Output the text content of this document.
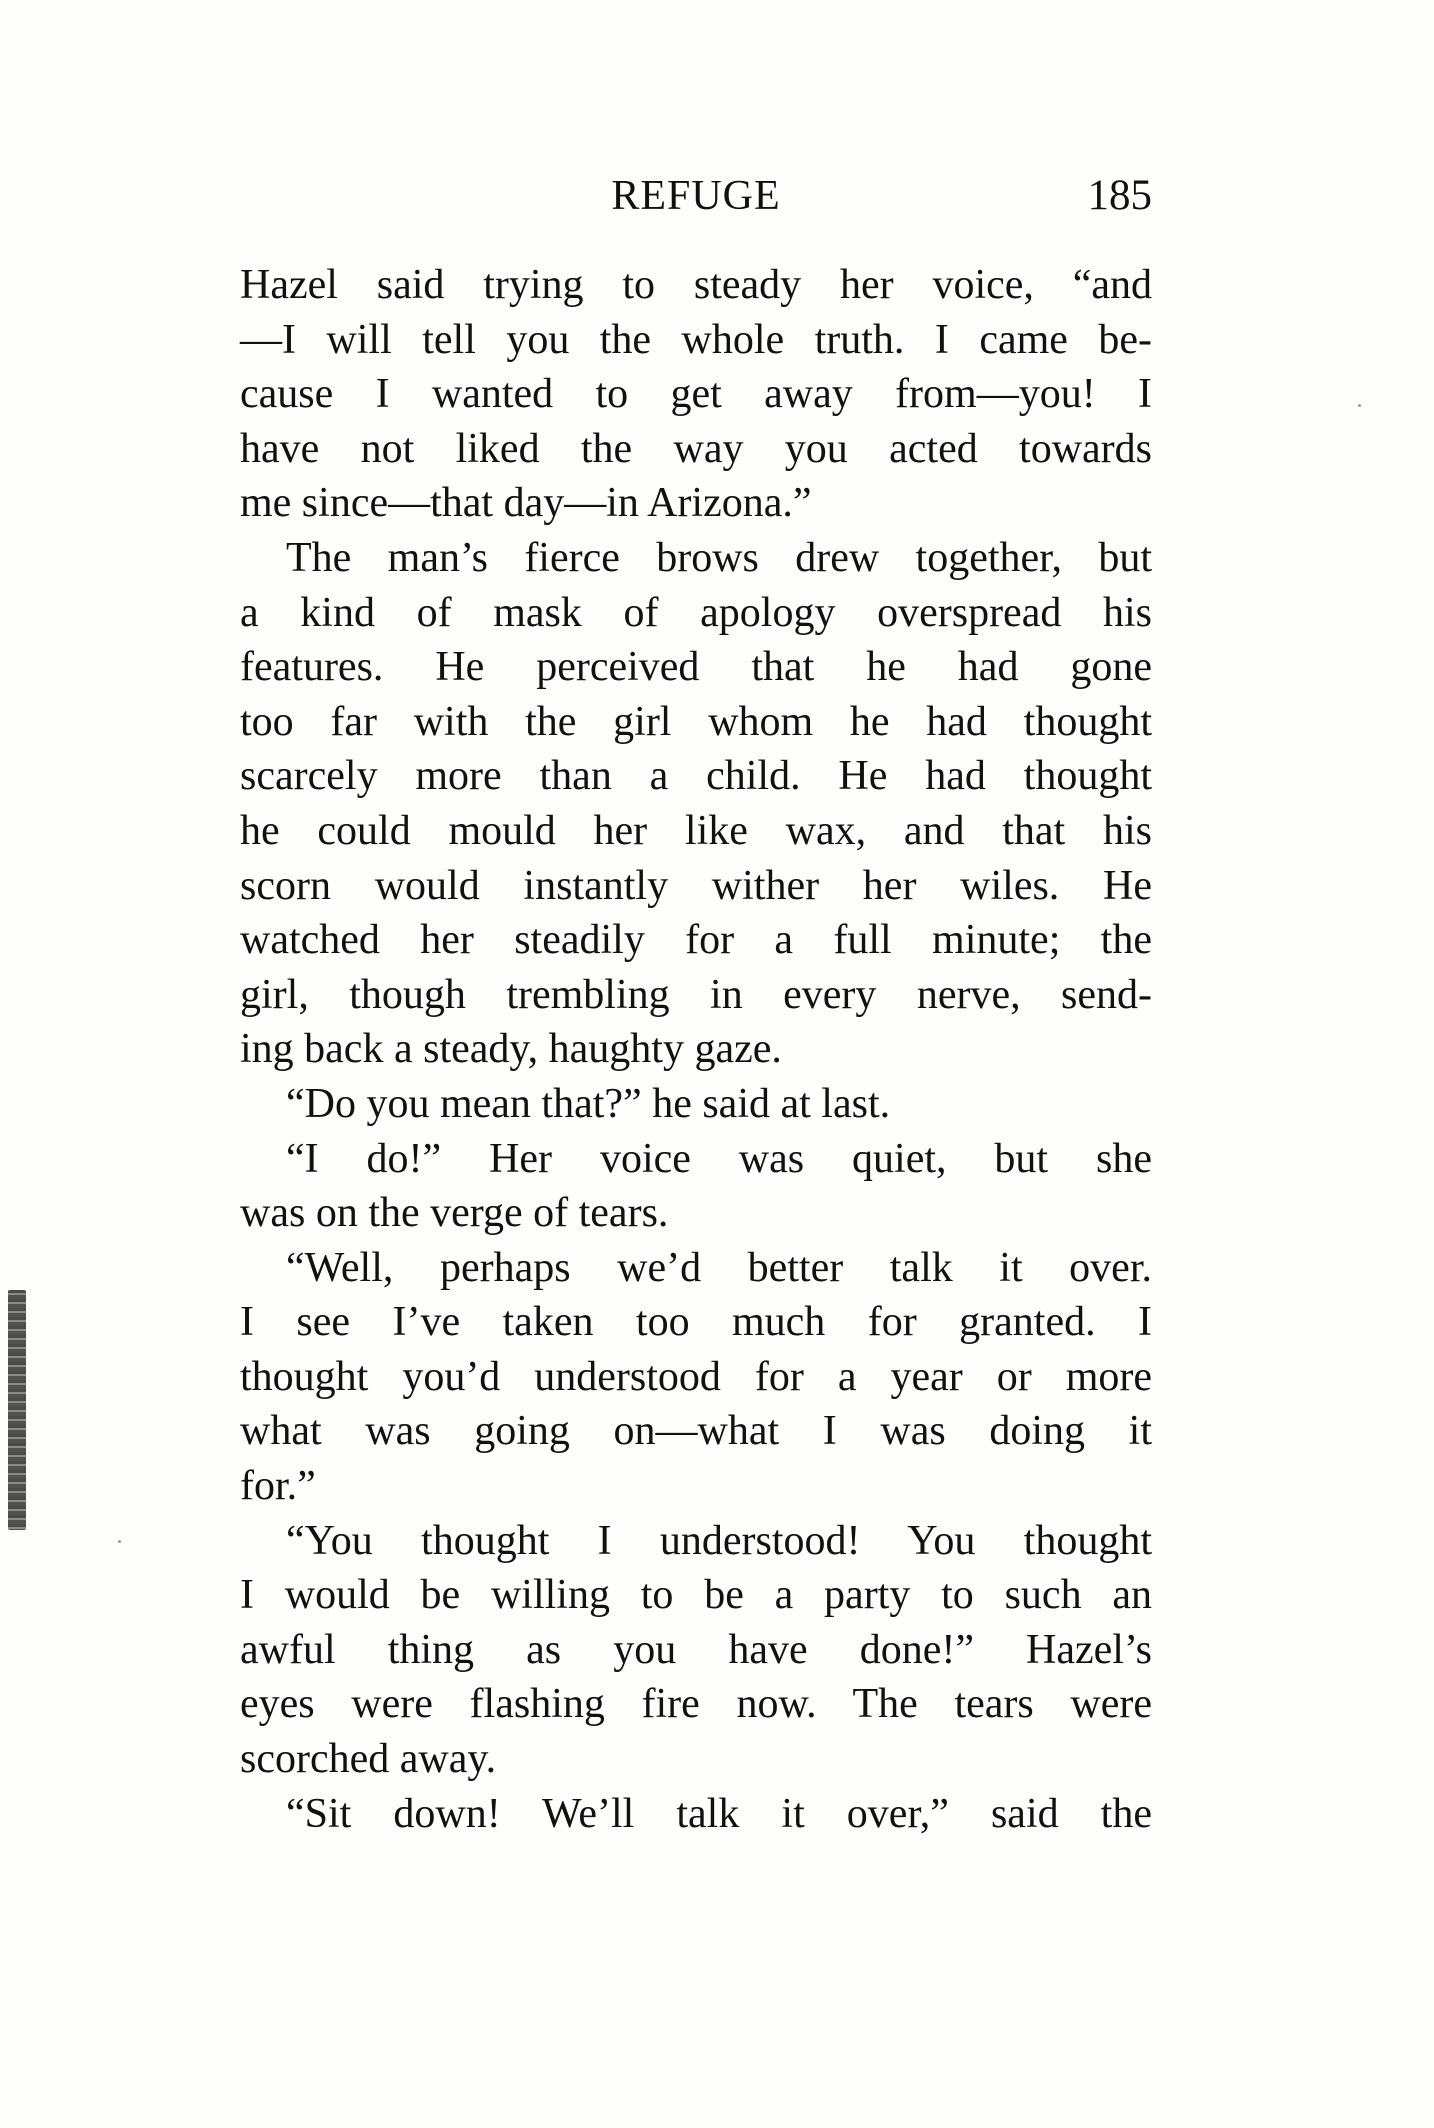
REFUGE	185
Hazel said trying to steady her voice, “and
—I will tell you the whole truth. I came be-
cause I wanted to get away from—you! I
have not liked the way you acted towards
me since—that day—in Arizona.”
The man’s fierce brows drew together, but
a kind of mask of apology overspread his
features. He perceived that he had gone
too far with the girl whom he had thought
scarcely more than a child. He had thought
he could mould her like wax, and that his
scorn would instantly wither her wiles. He
watched her steadily for a full minute; the
girl, though trembling in every nerve, send-
ing back a steady, haughty gaze.
“Do you mean that?” he said at last.
“I do!” Her voice was quiet, but she
was on the verge of tears.
“Well, perhaps we’d better talk it over.
I see I’ve taken too much for granted. I
thought you’d understood for a year or more
what was going on—what I was doing it
for.”
“You thought I understood! You thought
I would be willing to be a party to such an
awful thing as you have done!” Hazel’s
eyes were flashing fire now. The tears were
scorched away.
“Sit down! We’ll talk it over,” said the
